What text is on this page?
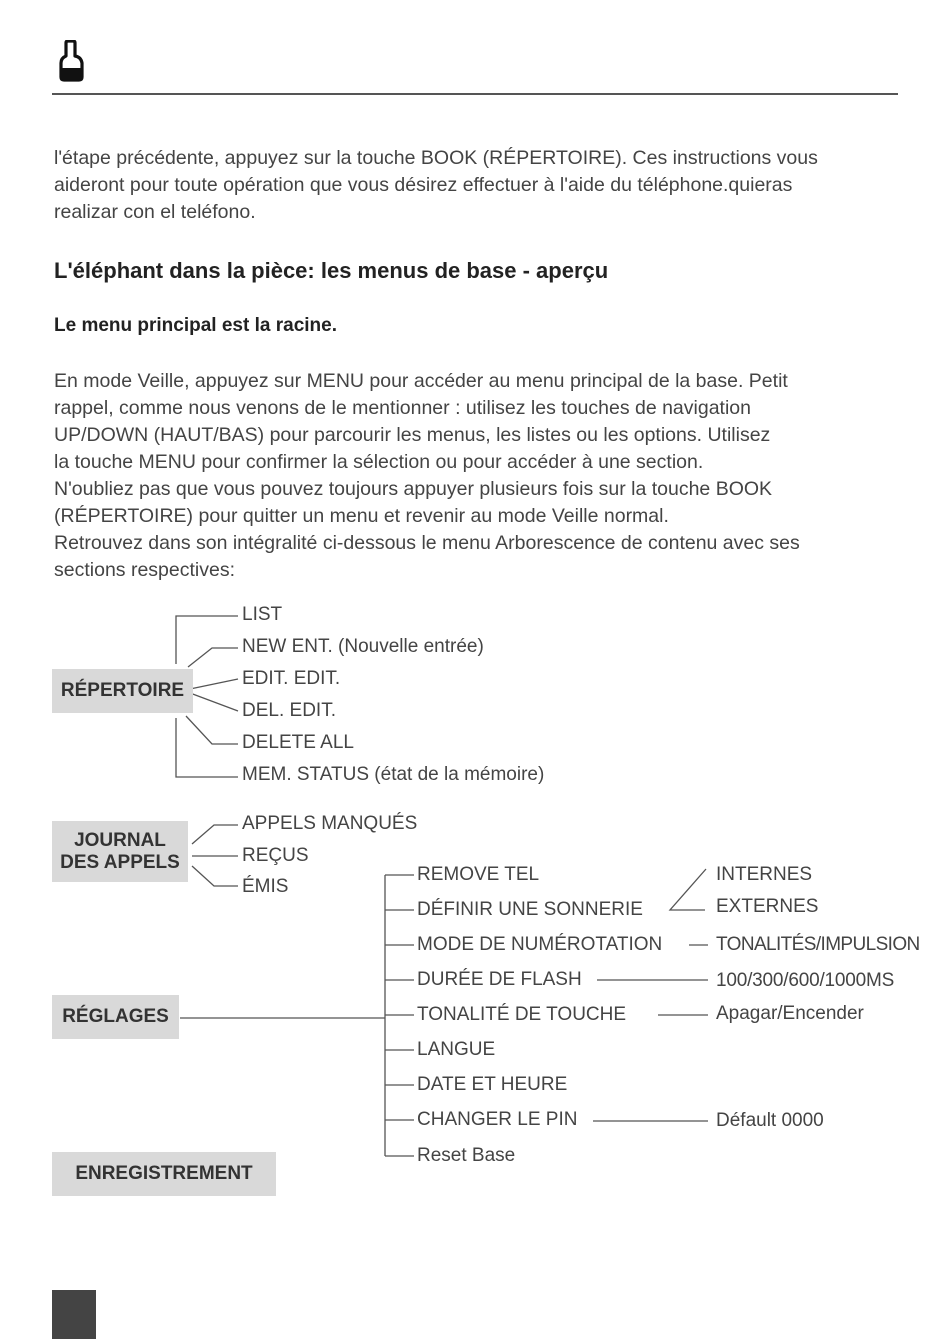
l'étape précédente, appuyez sur la touche BOOK (RÉPERTOIRE). Ces instructions vous
aideront pour toute opération que vous désirez effectuer à l'aide du téléphone.quieras
realizar con el teléfono.
L'éléphant dans la pièce: les menus de base - aperçu
Le menu principal est la racine.
En mode Veille, appuyez sur MENU pour accéder au menu principal de la base. Petit
rappel, comme nous venons de le mentionner : utilisez les touches de navigation
UP/DOWN (HAUT/BAS) pour parcourir les menus, les listes ou les options. Utilisez
la touche MENU pour confirmer la sélection ou pour accéder à une section.
N'oubliez pas que vous pouvez toujours appuyer plusieurs fois sur la touche BOOK
(RÉPERTOIRE) pour quitter un menu et revenir au mode Veille normal.
Retrouvez dans son intégralité ci-dessous le menu Arborescence de contenu avec ses
sections respectives:
RÉPERTOIRE
LIST
NEW ENT. (Nouvelle entrée)
EDIT. EDIT.
DEL. EDIT.
DELETE ALL
MEM. STATUS (état de la mémoire)
JOURNAL
DES APPELS
APPELS MANQUÉS
REÇUS
ÉMIS
RÉGLAGES
REMOVE TEL
DÉFINIR UNE SONNERIE
MODE DE NUMÉROTATION
DURÉE DE FLASH
TONALITÉ DE TOUCHE
LANGUE
DATE ET HEURE
CHANGER LE PIN
Reset Base
INTERNES
EXTERNES
TONALITÉS/IMPULSION
100/300/600/1000MS
Apagar/Encender
Défault 0000
ENREGISTREMENT
